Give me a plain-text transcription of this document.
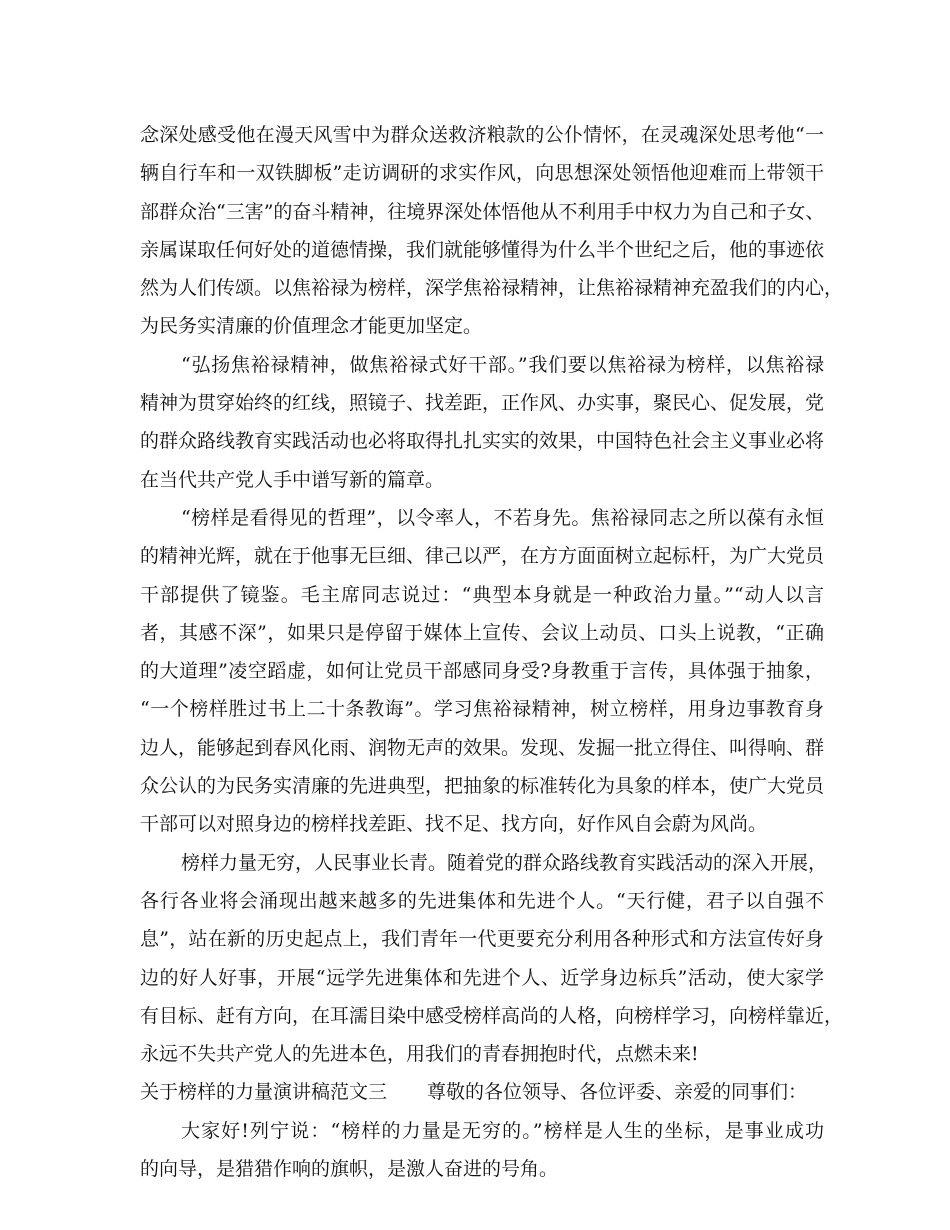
念深处感受他在漫天风雪中为群众送救济粮款的公仆情怀，在灵魂深处思考他“一
辆自行车和一双铁脚板”走访调研的求实作风，向思想深处领悟他迎难而上带领干
部群众治“三害”的奋斗精神，往境界深处体悟他从不利用手中权力为自己和子女、
亲属谋取任何好处的道德情操，我们就能够懂得为什么半个世纪之后，他的事迹依
然为人们传颂。以焦裕禄为榜样，深学焦裕禄精神，让焦裕禄精神充盈我们的内心，
为民务实清廉的价值理念才能更加坚定。
“弘扬焦裕禄精神，做焦裕禄式好干部。”我们要以焦裕禄为榜样，以焦裕禄
精神为贯穿始终的红线，照镜子、找差距，正作风、办实事，聚民心、促发展，党
的群众路线教育实践活动也必将取得扎扎实实的效果，中国特色社会主义事业必将
在当代共产党人手中谱写新的篇章。
“榜样是看得见的哲理”，以令率人，不若身先。焦裕禄同志之所以葆有永恒
的精神光辉，就在于他事无巨细、律己以严，在方方面面树立起标杆，为广大党员
干部提供了镜鉴。毛主席同志说过：“典型本身就是一种政治力量。”“动人以言
者，其感不深”，如果只是停留于媒体上宣传、会议上动员、口头上说教，“正确
的大道理”凌空蹈虚，如何让党员干部感同身受?身教重于言传，具体强于抽象，
“一个榜样胜过书上二十条教诲”。学习焦裕禄精神，树立榜样，用身边事教育身
边人，能够起到春风化雨、润物无声的效果。发现、发掘一批立得住、叫得响、群
众公认的为民务实清廉的先进典型，把抽象的标准转化为具象的样本，使广大党员
干部可以对照身边的榜样找差距、找不足、找方向，好作风自会蔚为风尚。
榜样力量无穷，人民事业长青。随着党的群众路线教育实践活动的深入开展，
各行各业将会涌现出越来越多的先进集体和先进个人。“天行健，君子以自强不
息”，站在新的历史起点上，我们青年一代更要充分利用各种形式和方法宣传好身
边的好人好事，开展“远学先进集体和先进个人、近学身边标兵”活动，使大家学
有目标、赶有方向，在耳濡目染中感受榜样高尚的人格，向榜样学习，向榜样靠近，
永远不失共产党人的先进本色，用我们的青春拥抱时代，点燃未来!
关于榜样的力量演讲稿范文三 尊敬的各位领导、各位评委、亲爱的同事们：
大家好!列宁说：“榜样的力量是无穷的。”榜样是人生的坐标，是事业成功
的向导，是猎猎作响的旗帜，是激人奋进的号角。
